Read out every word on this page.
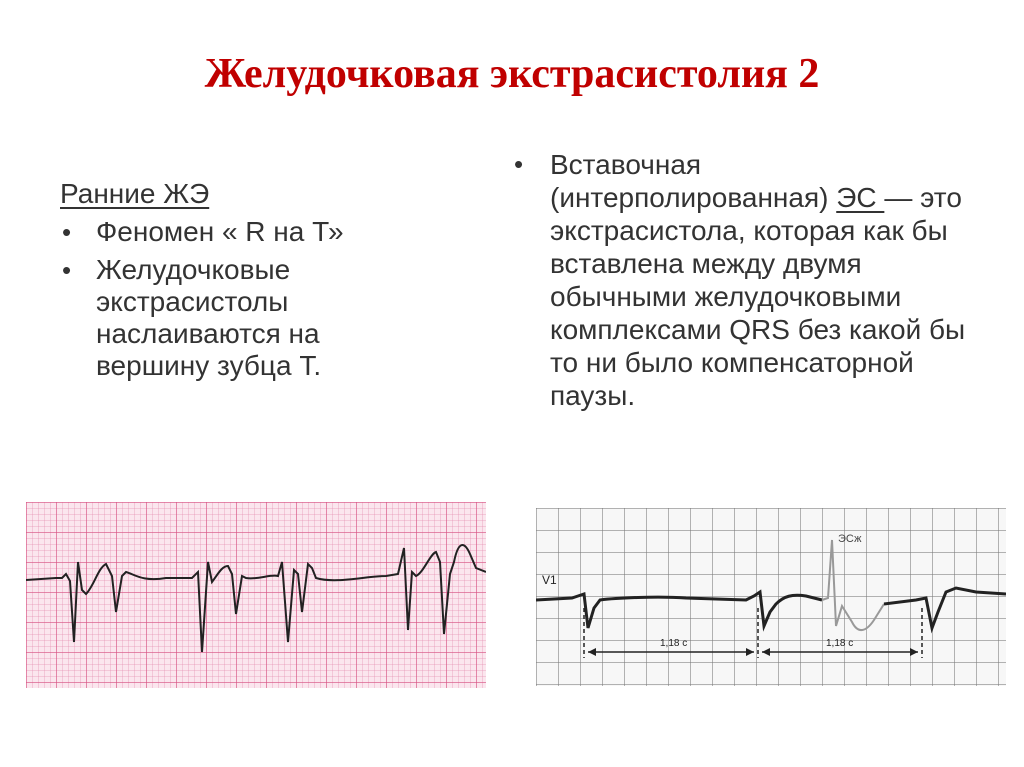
Желудочковая экстрасистолия 2
Ранние ЖЭ
• Феномен « R на Т»
• Желудочковые экстрасистолы наслаиваются на вершину зубца Т.
• Вставочная (интерполированная) ЭС — это экстрасистола, которая как бы вставлена между двумя обычными желудочковыми комплексами QRS без какой бы то ни было компенсаторной паузы.
1,18 с	1,18 с
V1
ЭСж
